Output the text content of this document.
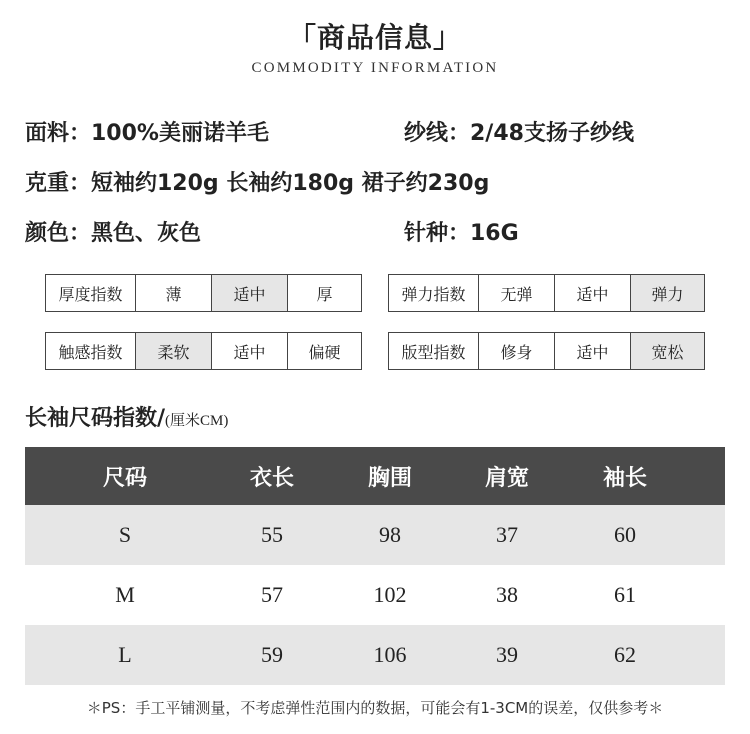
「商品信息」
COMMODITY INFORMATION
面料：100%美丽诺羊毛	纱线：2/48支扬子纱线
克重：短袖约120g 长袖约180g 裙子约230g
颜色：黑色、灰色	针种：16G
厚度指数	薄	适中	厚	弹力指数	无弹	适中	弹力
触感指数	柔软	适中	偏硬	版型指数	修身	适中	宽松
长袖尺码指数/(厘米CM)
尺码	衣长	胸围	肩宽	袖长
S	55	98	37	60
M	57	102	38	61
L	59	106	39	62
＊PS：手工平铺测量，不考虑弹性范围内的数据，可能会有1-3CM的误差，仅供参考＊
